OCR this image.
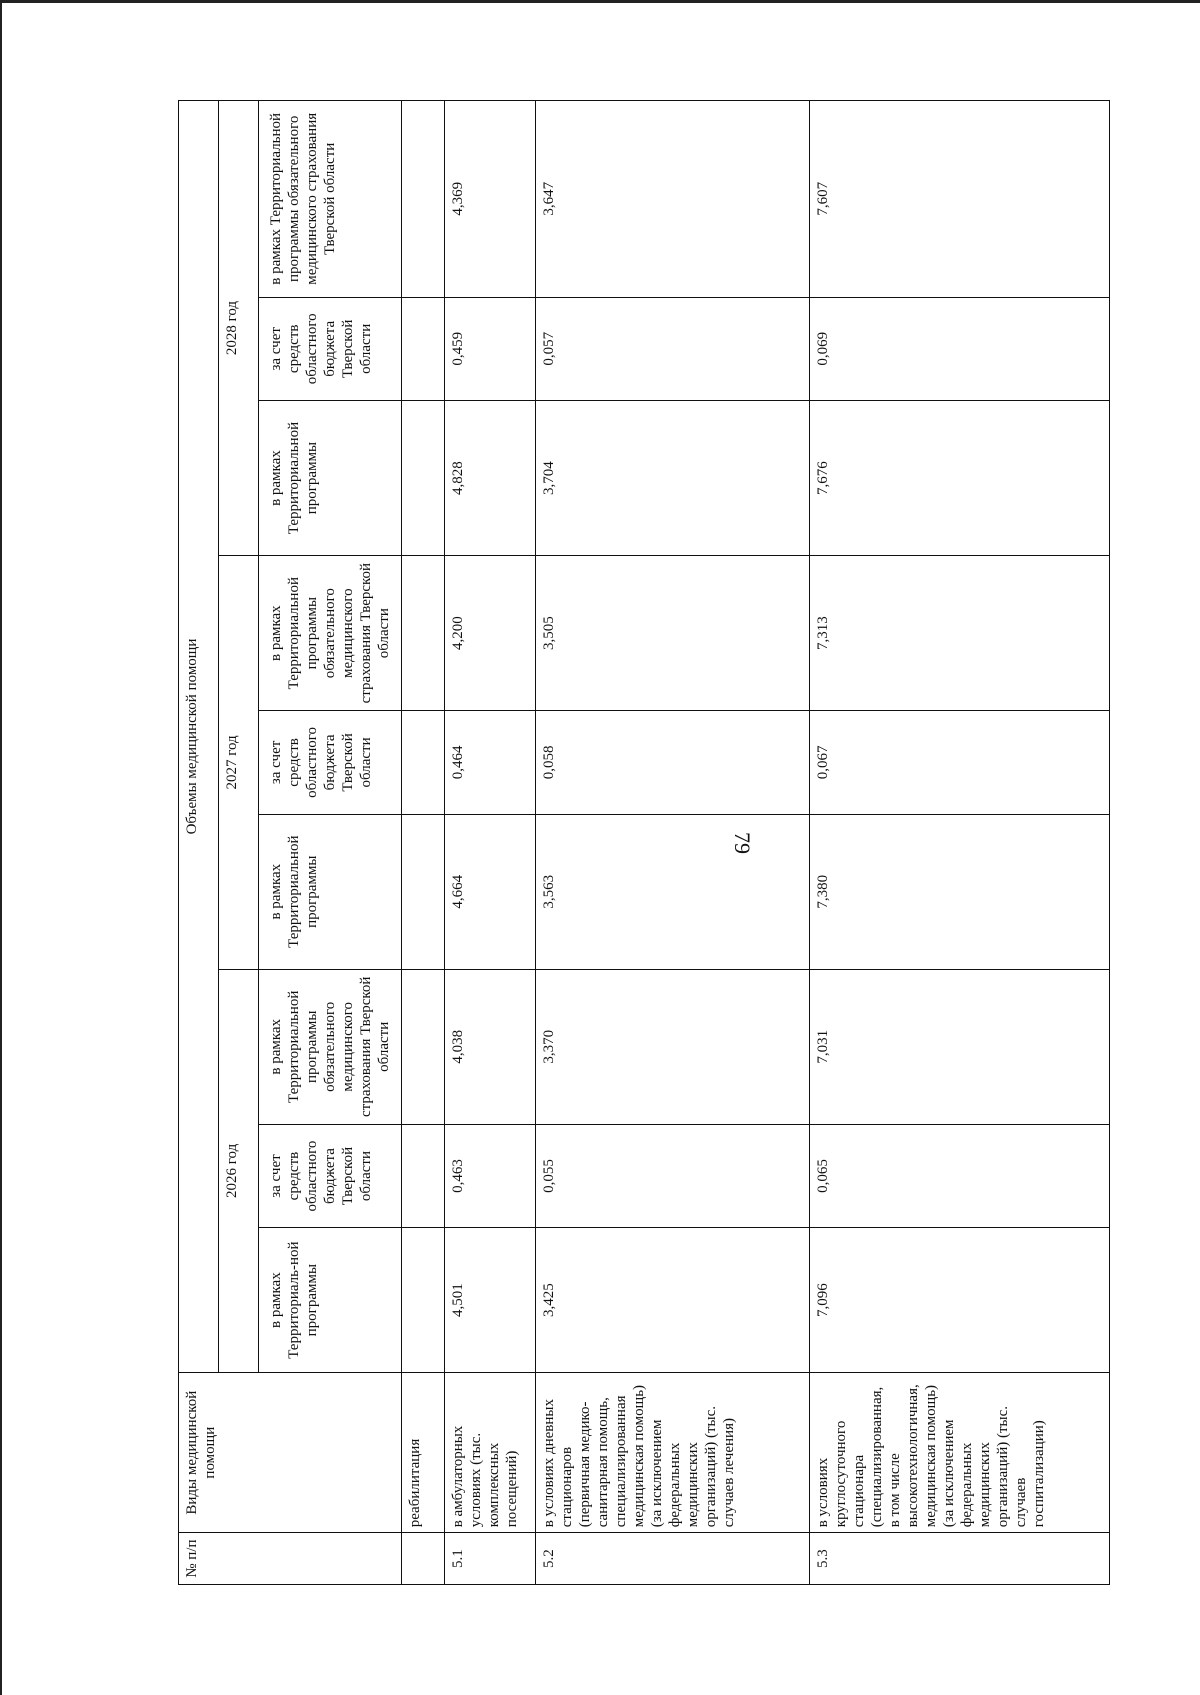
79
№ п/п	Виды медицинской помощи	Объемы медицинской помощи								
		2026 год			2027 год			2028 год		
		в рамках Территориаль-ной программы	за счет средств областного бюджета Тверской области	в рамках Территориальной программы обязательного медицинского страхования Тверской области	в рамках Территориальной программы	за счет средств областного бюджета Тверской области	в рамках Территориальной программы обязательного медицинского страхования Тверской области	в рамках Территориальной программы	за счет средств областного бюджета Тверской области	в рамках Территориальной программы обязательного медицинского страхования Тверской области
	реабилитация									
5.1	в амбулаторных условиях (тыс. комплексных посещений)	4,501	0,463	4,038	4,664	0,464	4,200	4,828	0,459	4,369
5.2	в условиях дневных стационаров (первичная медико-санитарная помощь, специализированная медицинская помощь) (за исключением федеральных медицинских организаций) (тыс. случаев лечения)	3,425	0,055	3,370	3,563	0,058	3,505	3,704	0,057	3,647
5.3	в условиях круглосуточного стационара (специализированная, в том числе высокотехнологичная, медицинская помощь) (за исключением федеральных медицинских организаций) (тыс. случаев госпитализации)	7,096	0,065	7,031	7,380	0,067	7,313	7,676	0,069	7,607
